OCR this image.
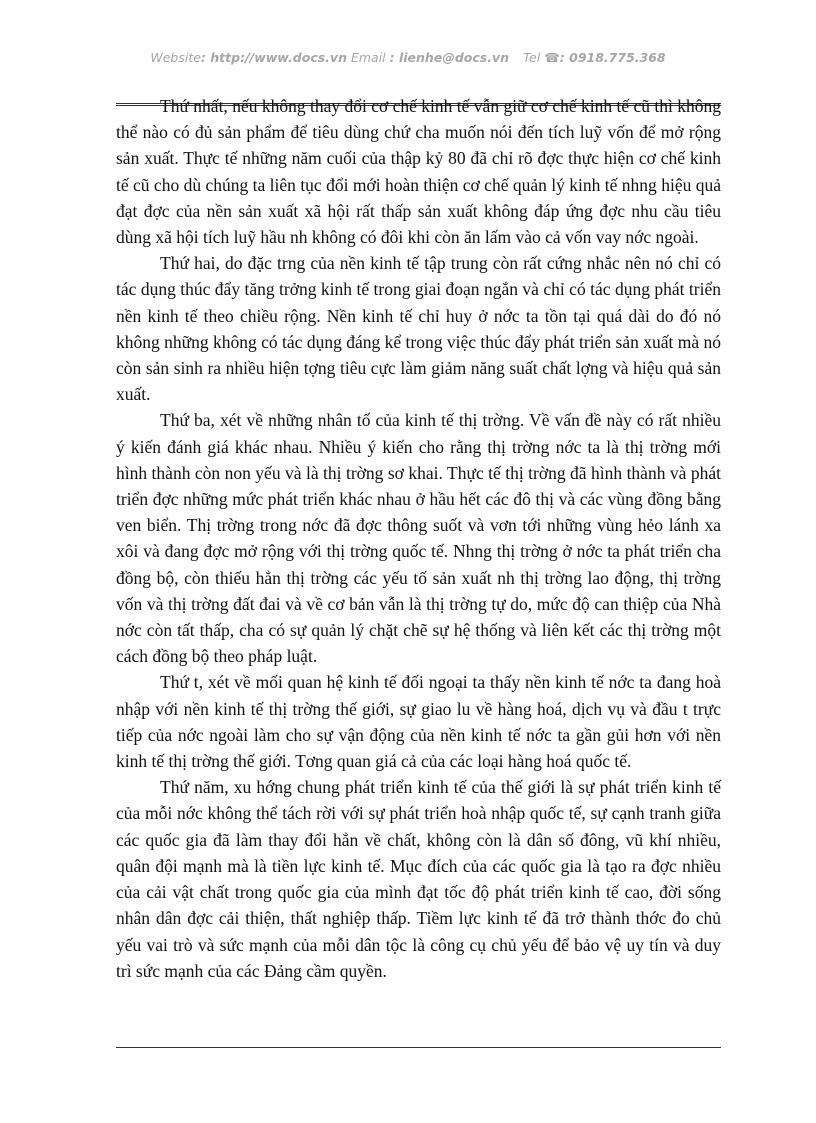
Website: http://www.docs.vn Email : lienhe@docs.vn Tel ☎: 0918.775.368

Thứ nhất, nếu không thay đổi cơ chế kinh tế vẫn giữ cơ chế kinh tế cũ thì không thể nào có đủ sản phẩm để tiêu dùng chứ cha muốn nói đến tích luỹ vốn để mở rộng sản xuất. Thực tế những năm cuối của thập kỷ 80 đã chỉ rõ đợc thực hiện cơ chế kinh tế cũ cho dù chúng ta liên tục đổi mới hoàn thiện cơ chế quản lý kinh tế nhng hiệu quả đạt đợc của nền sản xuất xã hội rất thấp sản xuất không đáp ứng đợc nhu cầu tiêu dùng xã hội tích luỹ hầu nh không có đôi khi còn ăn lấm vào cả vốn vay nớc ngoài.

Thứ hai, do đặc trng của nền kinh tế tập trung còn rất cứng nhắc nên nó chỉ có tác dụng thúc đẩy tăng trởng kinh tế trong giai đoạn ngắn và chỉ có tác dụng phát triển nền kinh tế theo chiều rộng. Nền kinh tế chỉ huy ở nớc ta tồn tại quá dài do đó nó không những không có tác dụng đáng kể trong việc thúc đẩy phát triển sản xuất mà nó còn sản sinh ra nhiều hiện tợng tiêu cực làm giảm năng suất chất lợng và hiệu quả sản xuất.

Thứ ba, xét về những nhân tố của kinh tế thị trờng. Về vấn đề này có rất nhiều ý kiến đánh giá khác nhau. Nhiều ý kiến cho rằng thị trờng nớc ta là thị trờng mới hình thành còn non yếu và là thị trờng sơ khai. Thực tế thị trờng đã hình thành và phát triển đợc những mức phát triển khác nhau ở hầu hết các đô thị và các vùng đồng bằng ven biển. Thị trờng trong nớc đã đợc thông suốt và vơn tới những vùng hẻo lánh xa xôi và đang đợc mở rộng với thị trờng quốc tế. Nhng thị trờng ở nớc ta phát triển cha đồng bộ, còn thiếu hẳn thị trờng các yếu tố sản xuất nh thị trờng lao động, thị trờng vốn và thị trờng đất đai và về cơ bản vẫn là thị trờng tự do, mức độ can thiệp của Nhà nớc còn tất thấp, cha có sự quản lý chặt chẽ sự hệ thống và liên kết các thị trờng một cách đồng bộ theo pháp luật.

Thứ t, xét về mối quan hệ kinh tế đối ngoại ta thấy nền kinh tế nớc ta đang hoà nhập với nền kinh tế thị trờng thế giới, sự giao lu về hàng hoá, dịch vụ và đầu t trực tiếp của nớc ngoài làm cho sự vận động của nền kinh tế nớc ta gần gủi hơn với nền kinh tế thị trờng thế giới. Tơng quan giá cả của các loại hàng hoá quốc tế.

Thứ năm, xu hớng chung phát triển kinh tế của thế giới là sự phát triển kinh tế của mỗi nớc không thể tách rời với sự phát triển hoà nhập quốc tế, sự cạnh tranh giữa các quốc gia đã làm thay đổi hẳn về chất, không còn là dân số đông, vũ khí nhiều, quân đội mạnh mà là tiền lực kinh tế. Mục đích của các quốc gia là tạo ra đợc nhiều của cải vật chất trong quốc gia của mình đạt tốc độ phát triển kinh tế cao, đời sống nhân dân đợc cải thiện, thất nghiệp thấp. Tiềm lực kinh tế đã trở thành thớc đo chủ yếu vai trò và sức mạnh của mỗi dân tộc là công cụ chủ yếu để bảo vệ uy tín và duy trì sức mạnh của các Đảng cầm quyền.
